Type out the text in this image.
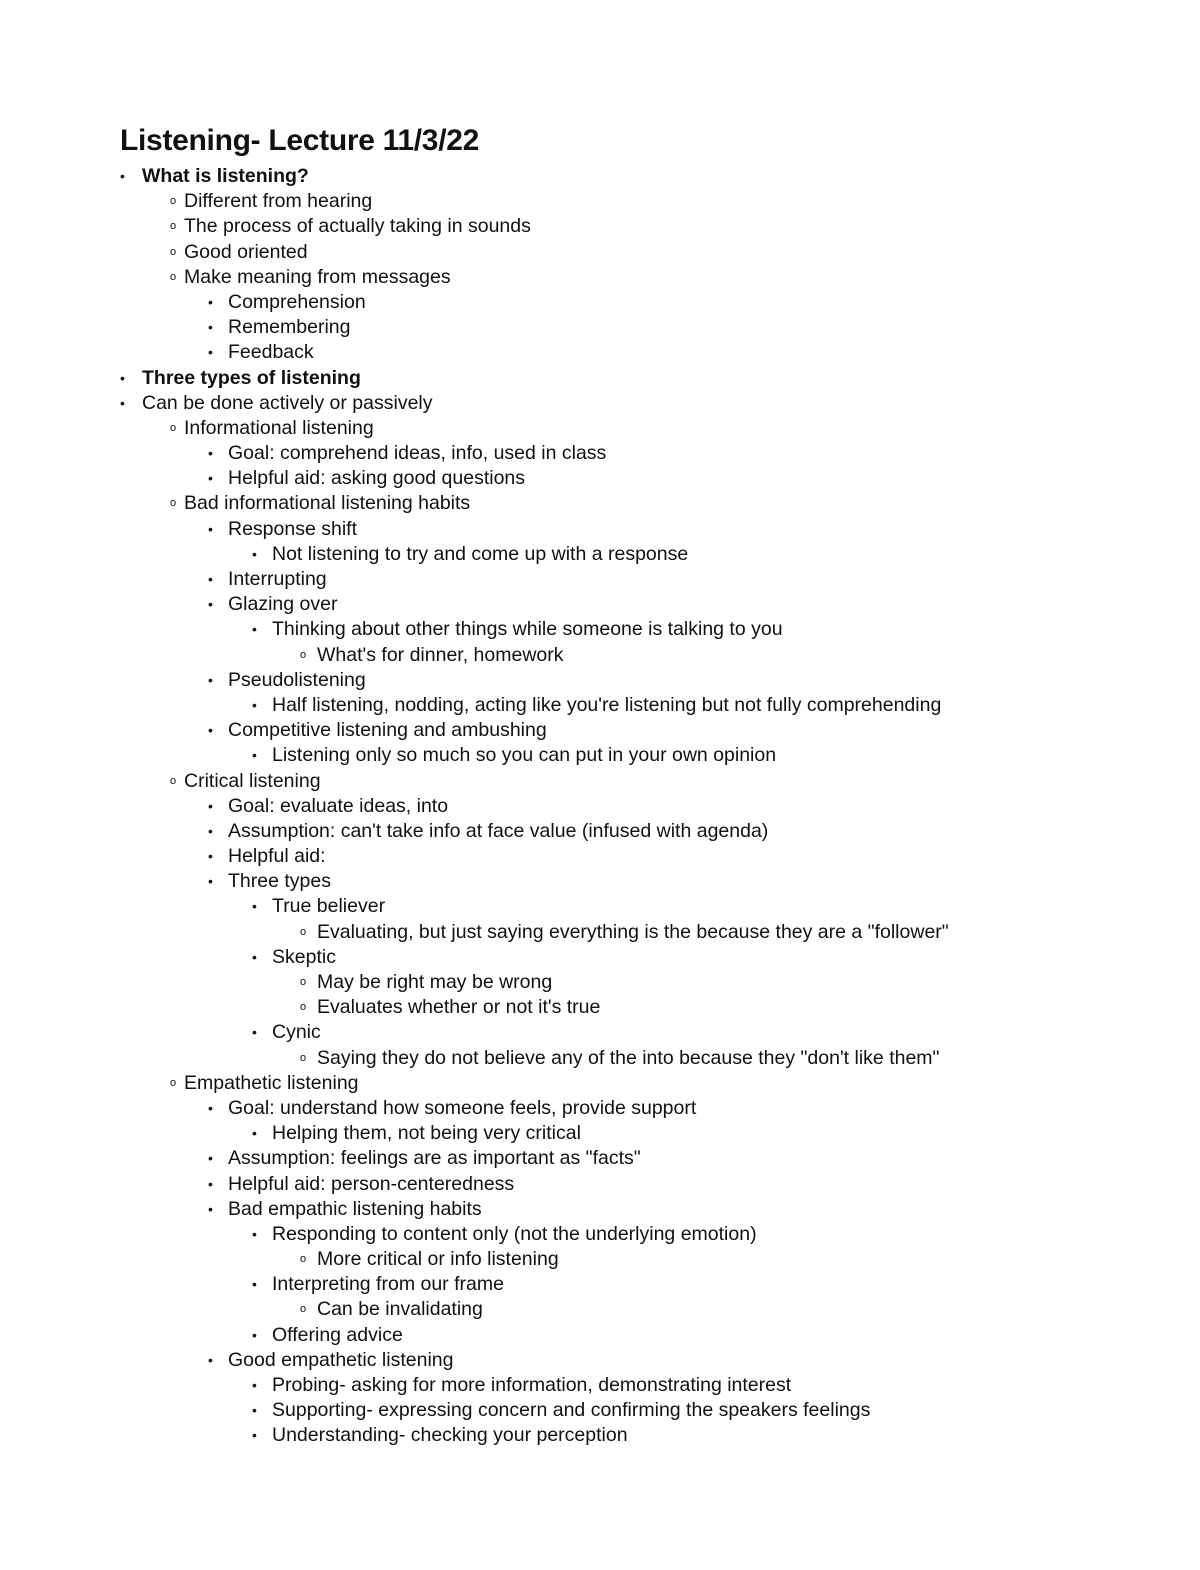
Listening- Lecture 11/3/22
• What is listening?
o Different from hearing
o The process of actually taking in sounds
o Good oriented
o Make meaning from messages
• Comprehension
• Remembering
• Feedback
• Three types of listening
• Can be done actively or passively
o Informational listening
• Goal: comprehend ideas, info, used in class
• Helpful aid: asking good questions
o Bad informational listening habits
• Response shift
• Not listening to try and come up with a response
• Interrupting
• Glazing over
• Thinking about other things while someone is talking to you
o What's for dinner, homework
• Pseudolistening
• Half listening, nodding, acting like you're listening but not fully comprehending
• Competitive listening and ambushing
• Listening only so much so you can put in your own opinion
o Critical listening
• Goal: evaluate ideas, into
• Assumption: can't take info at face value (infused with agenda)
• Helpful aid:
• Three types
• True believer
o Evaluating, but just saying everything is the because they are a "follower"
• Skeptic
o May be right may be wrong
o Evaluates whether or not it's true
• Cynic
o Saying they do not believe any of the into because they "don't like them"
o Empathetic listening
• Goal: understand how someone feels, provide support
• Helping them, not being very critical
• Assumption: feelings are as important as "facts"
• Helpful aid: person-centeredness
• Bad empathic listening habits
• Responding to content only (not the underlying emotion)
o More critical or info listening
• Interpreting from our frame
o Can be invalidating
• Offering advice
• Good empathetic listening
• Probing- asking for more information, demonstrating interest
• Supporting- expressing concern and confirming the speakers feelings
• Understanding- checking your perception
